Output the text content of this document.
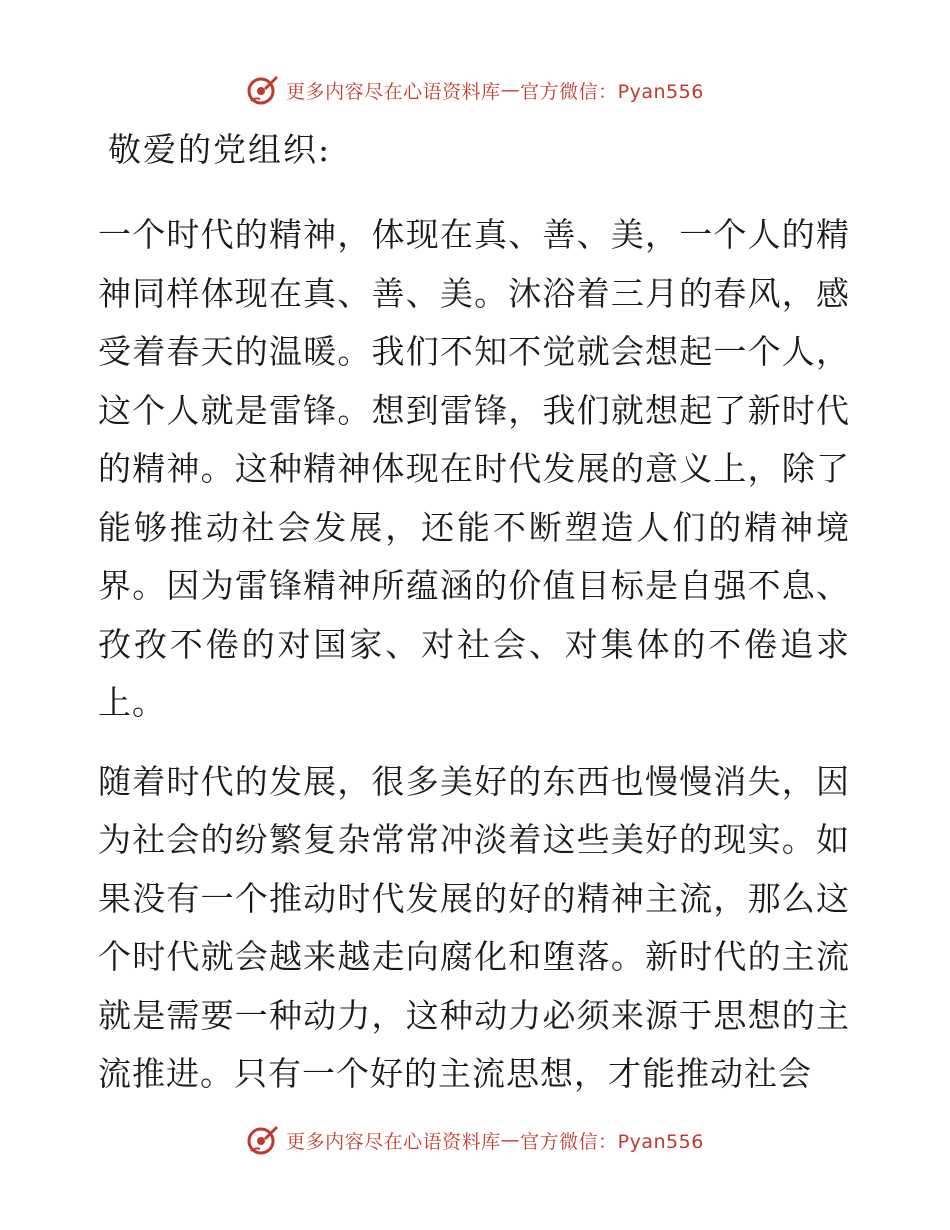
更多内容尽在心语资料库 — 官方微信：Pyan556
敬爱的党组织:

一个时代的精神，体现在真、善、美，一个人的精神同样体现在真、善、美。沐浴着三月的春风，感受着春天的温暖。我们不知不觉就会想起一个人，这个人就是雷锋。想到雷锋，我们就想起了新时代的精神。这种精神体现在时代发展的意义上，除了能够推动社会发展，还能不断塑造人们的精神境界。因为雷锋精神所蕴涵的价值目标是自强不息、孜孜不倦的对国家、对社会、对集体的不倦追求上。

随着时代的发展，很多美好的东西也慢慢消失，因为社会的纷繁复杂常常冲淡着这些美好的现实。如果没有一个推动时代发展的好的精神主流，那么这个时代就会越来越走向腐化和堕落。新时代的主流就是需要一种动力，这种动力必须来源于思想的主流推进。只有一个好的主流思想，才能推动社会

更多内容尽在心语资料库 — 官方微信：Pyan556
